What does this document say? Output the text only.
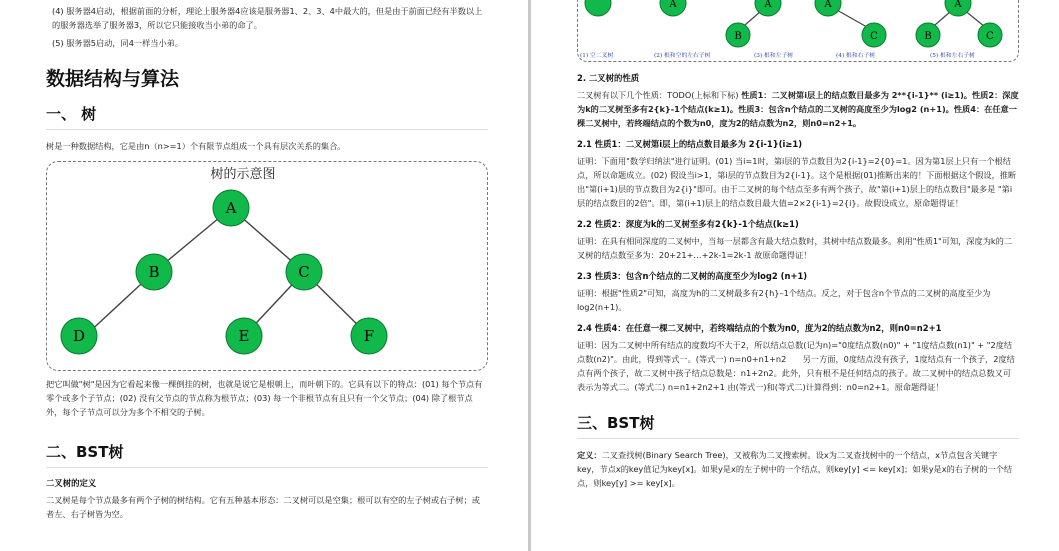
(4) 服务器4启动，根据前面的分析，理论上服务器4应该是服务器1、2、3、4中最大的，但是由于前面已经有半数以上的服务器选举了服务器3，所以它只能接收当小弟的命了。

(5) 服务器5启动，同4一样当小弟。

数据结构与算法
一、 树

树是一种数据结构，它是由n（n>=1）个有限节点组成一个具有层次关系的集合。

树的示意图
A
B	C
D	E	F

把它叫做"树"是因为它看起来像一棵倒挂的树，也就是说它是根朝上，而叶朝下的。它具有以下的特点：(01) 每个节点有零个或多个子节点；(02) 没有父节点的节点称为根节点；(03) 每一个非根节点有且只有一个父节点；(04) 除了根节点外，每个子节点可以分为多个不相交的子树。

二、BST树
二叉树的定义

二叉树是每个节点最多有两个子树的树结构。它有五种基本形态：二叉树可以是空集；根可以有空的左子树或右子树；或者左、右子树皆为空。

A	A
B
A
C
A
B	C
(1) 空二叉树	(2) 根和空的左右子树	(3) 根和左子树	(4) 根和右子树	(5) 根和左右子树
2. 二叉树的性质

二叉树有以下几个性质：TODO(上标和下标) 性质1：二叉树第i层上的结点数目最多为 2**{i-1}** (i≥1)。性质2：深度为k的二叉树至多有2{k}-1个结点(k≥1)。性质3：包含n个结点的二叉树的高度至少为log2 (n+1)。性质4：在任意一棵二叉树中，若终端结点的个数为n0，度为2的结点数为n2，则n0=n2+1。

2.1 性质1：二叉树第i层上的结点数目最多为 2{i-1}(i≥1)

证明：下面用"数学归纳法"进行证明。(01) 当i=1时，第i层的节点数目为2{i-1}=2{0}=1。因为第1层上只有一个根结点，所以命题成立。(02) 假设当i>1，第i层的节点数目为2{i-1}。这个是根据(01)推断出来的！下面根据这个假设，推断出"第(i+1)层的节点数目为2{i}"即可。由于二叉树的每个结点至多有两个孩子，故"第(i+1)层上的结点数目"最多是 "第i层的结点数目的2倍"。即，第(i+1)层上的结点数目最大值=2×2{i-1}=2{i}。故假设成立，原命题得证！

2.2 性质2：深度为k的二叉树至多有2{k}-1个结点(k≥1)

证明：在具有相同深度的二叉树中，当每一层都含有最大结点数时，其树中结点数最多。利用"性质1"可知，深度为k的二叉树的结点数至多为：20+21+…+2k-1=2k-1 故原命题得证！

2.3 性质3：包含n个结点的二叉树的高度至少为log2 (n+1)

证明：根据"性质2"可知，高度为h的二叉树最多有2{h}–1个结点。反之，对于包含n个节点的二叉树的高度至少为log2(n+1)。

2.4 性质4：在任意一棵二叉树中，若终端结点的个数为n0，度为2的结点数为n2，则n0=n2+1

证明：因为二叉树中所有结点的度数均不大于2，所以结点总数(记为n)="0度结点数(n0)" + "1度结点数(n1)" + "2度结点数(n2)"。由此，得到等式一。(等式一) n=n0+n1+n2　　另一方面，0度结点没有孩子，1度结点有一个孩子，2度结点有两个孩子，故二叉树中孩子结点总数是：n1+2n2。此外，只有根不是任何结点的孩子。故二叉树中的结点总数又可表示为等式二。(等式二) n=n1+2n2+1 由(等式一)和(等式二)计算得到：n0=n2+1。原命题得证！

三、BST树

定义：二叉查找树(Binary Search Tree)，又被称为二叉搜索树。设x为二叉查找树中的一个结点，x节点包含关键字key，节点x的key值记为key[x]。如果y是x的左子树中的一个结点，则key[y] <= key[x]；如果y是x的右子树的一个结点，则key[y] >= key[x]。
